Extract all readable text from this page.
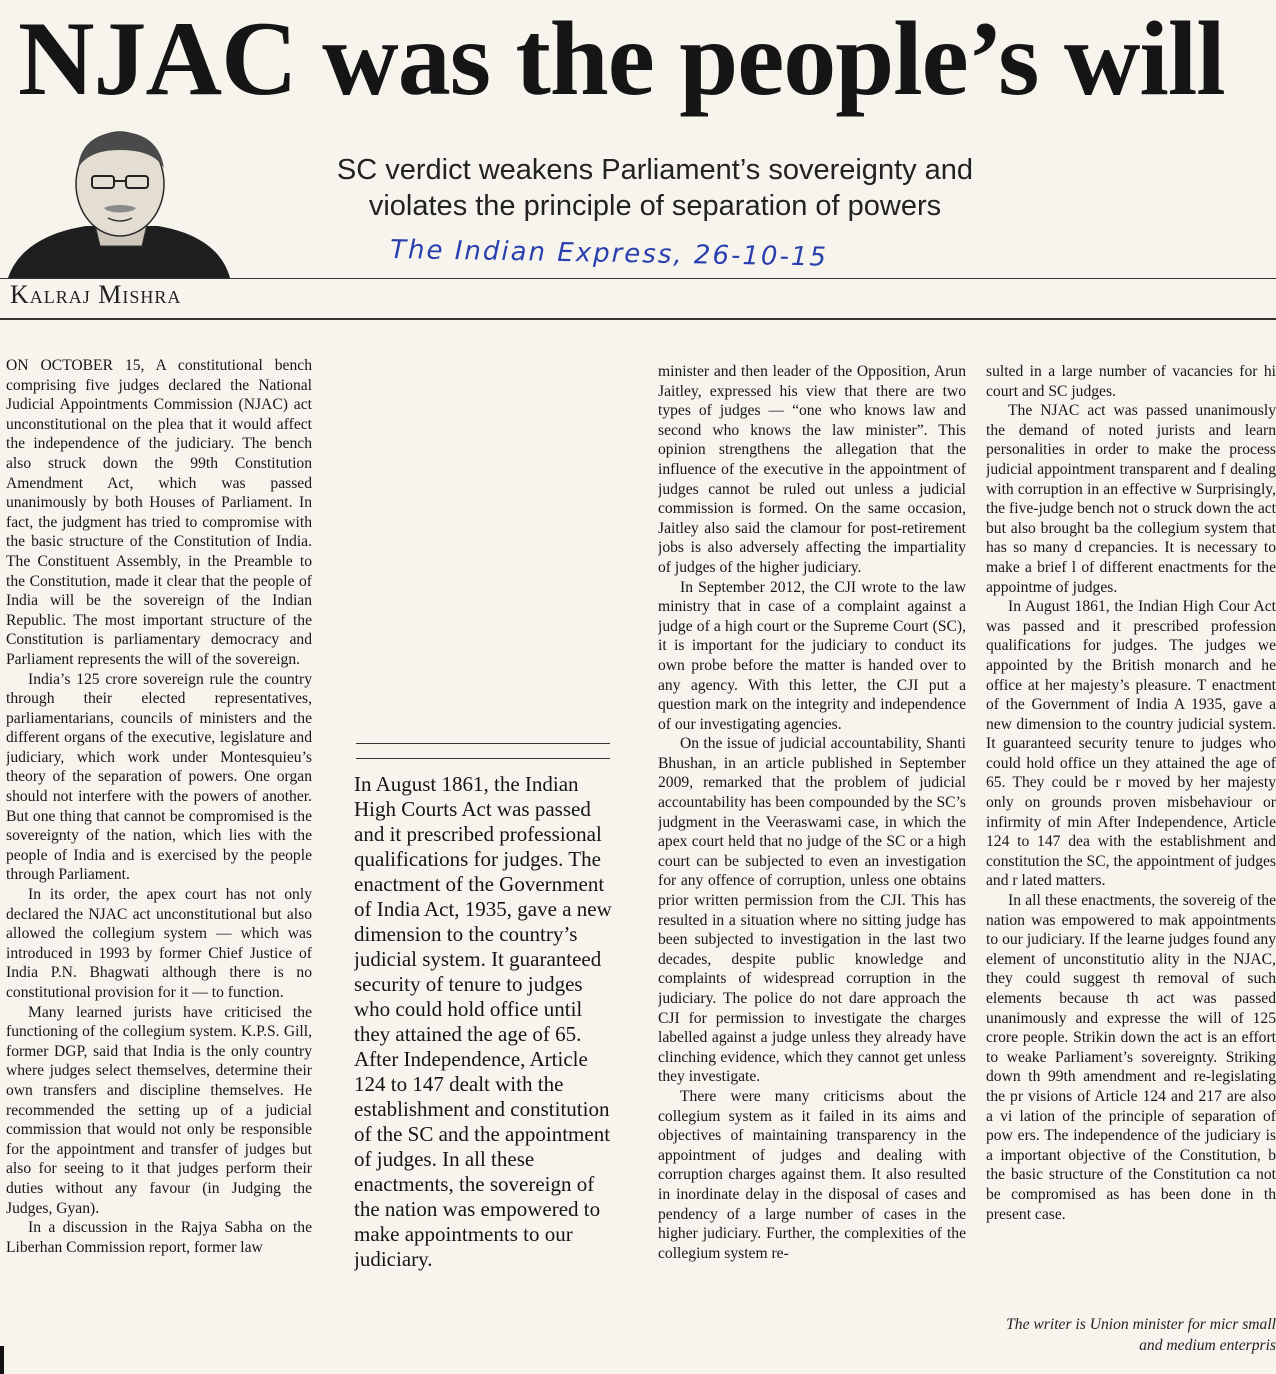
NJAC was the people’s will
SC verdict weakens Parliament’s sovereignty and violates the principle of separation of powers
The Indian Express, 26-10-15
Kalraj Mishra

ON OCTOBER 15, A constitutional bench comprising five judges declared the National Judicial Appointments Commission (NJAC) act unconstitutional on the plea that it would affect the independence of the judiciary. The bench also struck down the 99th Constitution Amendment Act, which was passed unanimously by both Houses of Parliament. In fact, the judgment has tried to compromise with the basic structure of the Constitution of India. The Constituent Assembly, in the Preamble to the Constitution, made it clear that the people of India will be the sovereign of the Indian Republic. The most important structure of the Constitution is parliamentary democracy and Parliament represents the will of the sovereign.

India’s 125 crore sovereign rule the country through their elected representatives, parliamentarians, councils of ministers and the different organs of the executive, legislature and judiciary, which work under Montesquieu’s theory of the separation of powers. One organ should not interfere with the powers of another. But one thing that cannot be compromised is the sovereignty of the nation, which lies with the people of India and is exercised by the people through Parliament.

In its order, the apex court has not only declared the NJAC act unconstitutional but also allowed the collegium system — which was introduced in 1993 by former Chief Justice of India P.N. Bhagwati although there is no constitutional provision for it — to function.

Many learned jurists have criticised the functioning of the collegium system. K.P.S. Gill, former DGP, said that India is the only country where judges select themselves, determine their own transfers and discipline themselves. He recommended the setting up of a judicial commission that would not only be responsible for the appointment and transfer of judges but also for seeing to it that judges perform their duties without any favour (in Judging the Judges, Gyan).

In a discussion in the Rajya Sabha on the Liberhan Commission report, former law

In August 1861, the Indian High Courts Act was passed and it prescribed professional qualifications for judges. The enactment of the Government of India Act, 1935, gave a new dimension to the country’s judicial system. It guaranteed security of tenure to judges who could hold office until they attained the age of 65. After Independence, Article 124 to 147 dealt with the establishment and constitution of the SC and the appointment of judges. In all these enactments, the sovereign of the nation was empowered to make appointments to our judiciary.

minister and then leader of the Opposition, Arun Jaitley, expressed his view that there are two types of judges — “one who knows law and second who knows the law minister”. This opinion strengthens the allegation that the influence of the executive in the appointment of judges cannot be ruled out unless a judicial commission is formed. On the same occasion, Jaitley also said the clamour for post-retirement jobs is also adversely affecting the impartiality of judges of the higher judiciary.

In September 2012, the CJI wrote to the law ministry that in case of a complaint against a judge of a high court or the Supreme Court (SC), it is important for the judiciary to conduct its own probe before the matter is handed over to any agency. With this letter, the CJI put a question mark on the integrity and independence of our investigating agencies.

On the issue of judicial accountability, Shanti Bhushan, in an article published in September 2009, remarked that the problem of judicial accountability has been compounded by the SC’s judgment in the Veeraswami case, in which the apex court held that no judge of the SC or a high court can be subjected to even an investigation for any offence of corruption, unless one obtains prior written permission from the CJI. This has resulted in a situation where no sitting judge has been subjected to investigation in the last two decades, despite public knowledge and complaints of widespread corruption in the judiciary. The police do not dare approach the CJI for permission to investigate the charges labelled against a judge unless they already have clinching evidence, which they cannot get unless they investigate.

There were many criticisms about the collegium system as it failed in its aims and objectives of maintaining transparency in the appointment of judges and dealing with corruption charges against them. It also resulted in inordinate delay in the disposal of cases and pendency of a large number of cases in the higher judiciary. Further, the complexities of the collegium system re-

sulted in a large number of vacancies for hi court and SC judges.

The NJAC act was passed unanimously the demand of noted jurists and learn personalities in order to make the process judicial appointment transparent and f dealing with corruption in an effective w Surprisingly, the five-judge bench not o struck down the act but also brought ba the collegium system that has so many d crepancies. It is necessary to make a brief l of different enactments for the appointme of judges.

In August 1861, the Indian High Cour Act was passed and it prescribed profession qualifications for judges. The judges we appointed by the British monarch and he office at her majesty’s pleasure. T enactment of the Government of India A 1935, gave a new dimension to the country judicial system. It guaranteed security tenure to judges who could hold office un they attained the age of 65. They could be r moved by her majesty only on grounds proven misbehaviour or infirmity of min After Independence, Article 124 to 147 dea with the establishment and constitution the SC, the appointment of judges and r lated matters.

In all these enactments, the sovereig of the nation was empowered to mak appointments to our judiciary. If the learne judges found any element of unconstitutio ality in the NJAC, they could suggest th removal of such elements because th act was passed unanimously and expresse the will of 125 crore people. Strikin down the act is an effort to weake Parliament’s sovereignty. Striking down th 99th amendment and re-legislating the pr visions of Article 124 and 217 are also a vi lation of the principle of separation of pow ers. The independence of the judiciary is a important objective of the Constitution, b the basic structure of the Constitution ca not be compromised as has been done in th present case.

The writer is Union minister for micr small and medium enterpris
